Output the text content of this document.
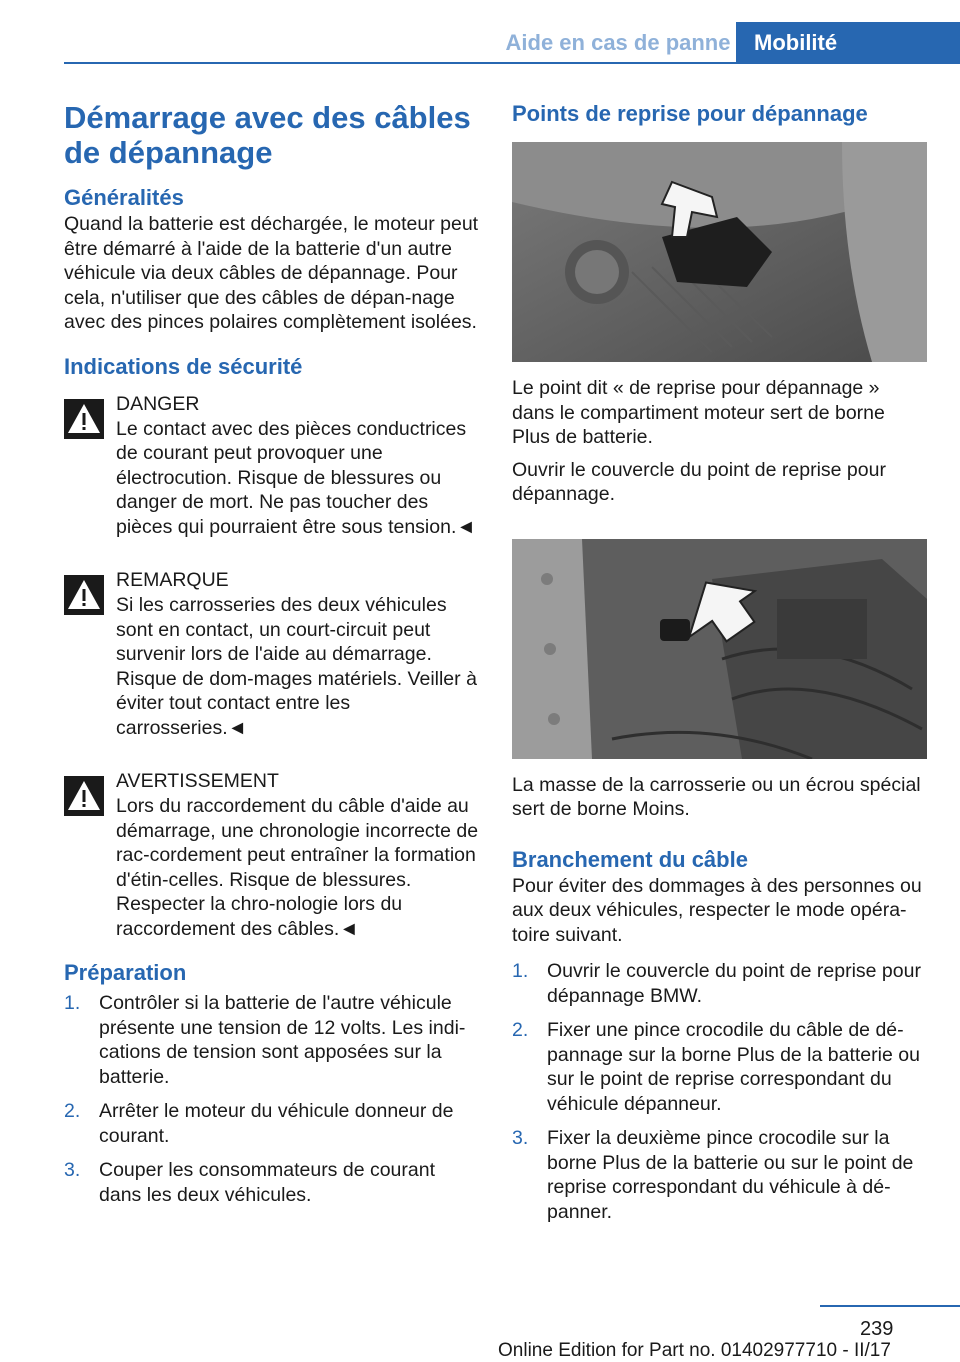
Aide en cas de panne	Mobilité
Démarrage avec des câbles de dépannage
Généralités

Quand la batterie est déchargée, le moteur peut être démarré à l'aide de la batterie d'un autre véhicule via deux câbles de dépannage. Pour cela, n'utiliser que des câbles de dépan-nage avec des pinces polaires complètement isolées.

Indications de sécurité
DANGER
Le contact avec des pièces conductrices de courant peut provoquer une électrocution. Risque de blessures ou danger de mort. Ne pas toucher des pièces qui pourraient être sous tension.◄
REMARQUE
Si les carrosseries des deux véhicules sont en contact, un court-circuit peut survenir lors de l'aide au démarrage. Risque de dom-mages matériels. Veiller à éviter tout contact entre les carrosseries.◄
AVERTISSEMENT
Lors du raccordement du câble d'aide au démarrage, une chronologie incorrecte de rac-cordement peut entraîner la formation d'étin-celles. Risque de blessures. Respecter la chro-nologie lors du raccordement des câbles.◄
Préparation
1. Contrôler si la batterie de l'autre véhicule présente une tension de 12 volts. Les indi-cations de tension sont apposées sur la batterie.
2. Arrêter le moteur du véhicule donneur de courant.
3. Couper les consommateurs de courant dans les deux véhicules.
Points de reprise pour dépannage

Le point dit « de reprise pour dépannage » dans le compartiment moteur sert de borne Plus de batterie.

Ouvrir le couvercle du point de reprise pour dépannage.

La masse de la carrosserie ou un écrou spécial sert de borne Moins.

Branchement du câble

Pour éviter des dommages à des personnes ou aux deux véhicules, respecter le mode opéra-toire suivant.

1. Ouvrir le couvercle du point de reprise pour dépannage BMW.
2. Fixer une pince crocodile du câble de dé-pannage sur la borne Plus de la batterie ou sur le point de reprise correspondant du véhicule dépanneur.
3. Fixer la deuxième pince crocodile sur la borne Plus de la batterie ou sur le point de reprise correspondant du véhicule à dé-panner.
239
Online Edition for Part no. 01402977710 - II/17
